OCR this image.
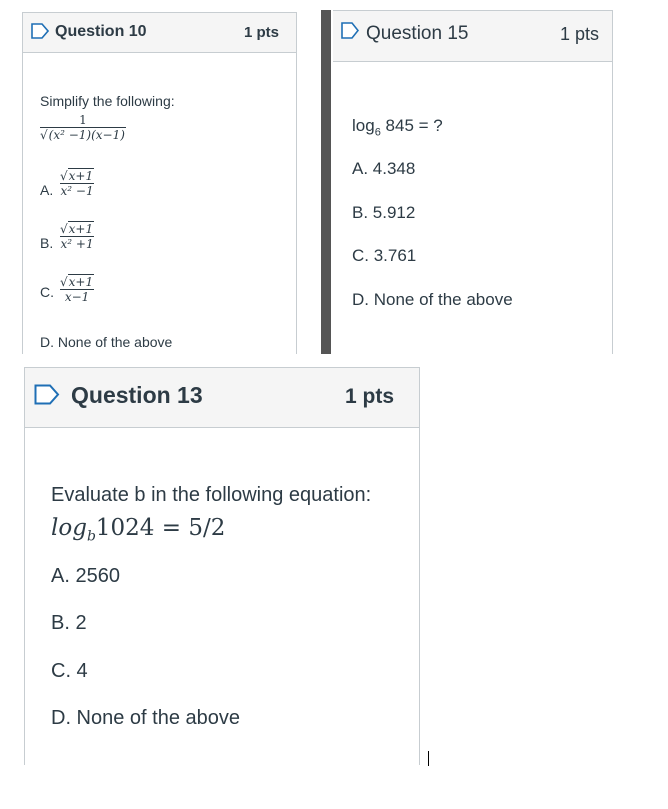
Question 10	1 pts
Simplify the following:
1
√(x² −1)(x−1)
A.
√x+1
x² −1
B.
√x+1
x² +1
C.
√x+1
x−1
D. None of the above
Question 15	1 pts
$\log_6 845$ = ?
A. 4.348
B. 5.912
C. 3.761
D. None of the above
Question 13	1 pts
Evaluate b in the following equation:
$\log_b1024 = 5/2$
A. 2560
B. 2
C. 4
D. None of the above
